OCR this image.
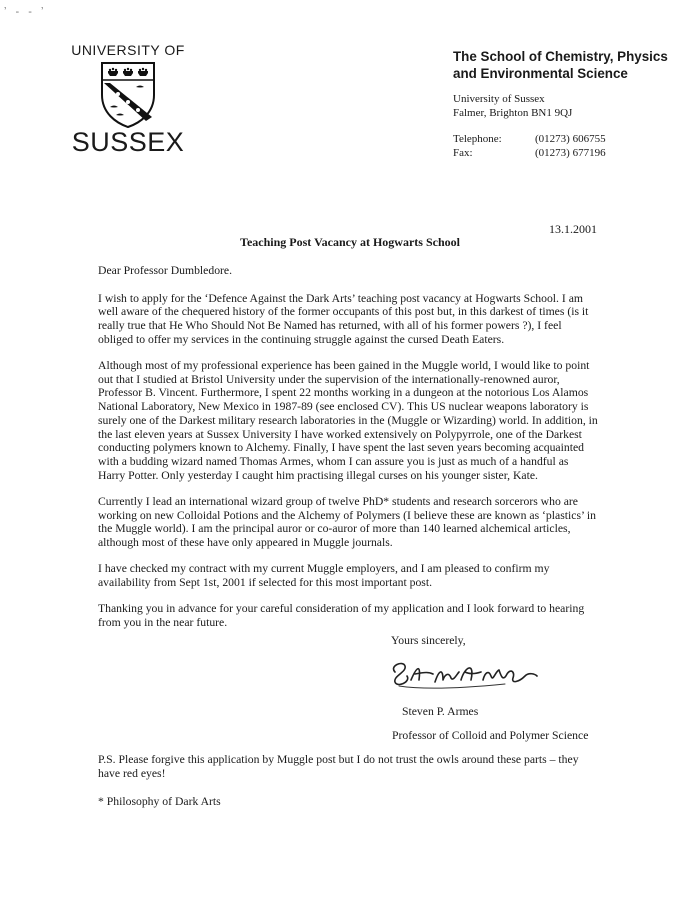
ʼ - - ʼ
UNIVERSITY OF
SUSSEX
The School of Chemistry, Physics and Environmental Science
University of Sussex
Falmer, Brighton BN1 9QJ
Telephone:	(01273) 606755
Fax:	(01273) 677196
13.1.2001
Teaching Post Vacancy at Hogwarts School

Dear Professor Dumbledore.

I wish to apply for the ‘Defence Against the Dark Arts’ teaching post vacancy at Hogwarts School. I am well aware of the chequered history of the former occupants of this post but, in this darkest of times (is it really true that He Who Should Not Be Named has returned, with all of his former powers ?), I feel obliged to offer my services in the continuing struggle against the cursed Death Eaters.

Although most of my professional experience has been gained in the Muggle world, I would like to point out that I studied at Bristol University under the supervision of the internationally-renowned auror, Professor B. Vincent. Furthermore, I spent 22 months working in a dungeon at the notorious Los Alamos National Laboratory, New Mexico in 1987-89 (see enclosed CV). This US nuclear weapons laboratory is surely one of the Darkest military research laboratories in the (Muggle or Wizarding) world. In addition, in the last eleven years at Sussex University I have worked extensively on Polypyrrole, one of the Darkest conducting polymers known to Alchemy. Finally, I have spent the last seven years becoming acquainted with a budding wizard named Thomas Armes, whom I can assure you is just as much of a handful as Harry Potter. Only yesterday I caught him practising illegal curses on his younger sister, Kate.

Currently I lead an international wizard group of twelve PhD* students and research sorcerors who are working on new Colloidal Potions and the Alchemy of Polymers (I believe these are known as ‘plastics’ in the Muggle world). I am the principal auror or co-auror of more than 140 learned alchemical articles, although most of these have only appeared in Muggle journals.

I have checked my contract with my current Muggle employers, and I am pleased to confirm my availability from Sept 1st, 2001 if selected for this most important post.

Thanking you in advance for your careful consideration of my application and I look forward to hearing from you in the near future.

Yours sincerely,
Steven P. Armes
Professor of Colloid and Polymer Science

P.S. Please forgive this application by Muggle post but I do not trust the owls around these parts – they have red eyes!

* Philosophy of Dark Arts
